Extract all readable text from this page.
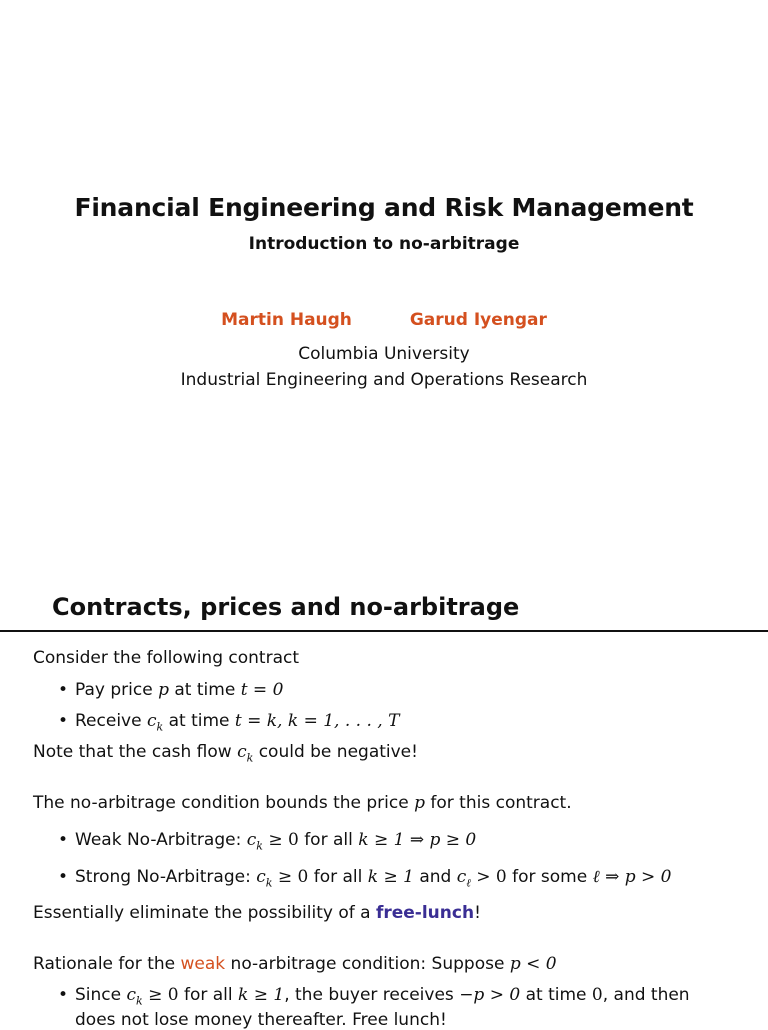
Financial Engineering and Risk Management
Introduction to no-arbitrage
Martin Haugh	Garud Iyengar
Columbia University
Industrial Engineering and Operations Research
Contracts, prices and no-arbitrage
Consider the following contract
• Pay price p at time t = 0
• Receive $c_k$ at time t = k, k = 1, . . . , T
Note that the cash flow $c_k$ could be negative!
The no-arbitrage condition bounds the price p for this contract.
• Weak No-Arbitrage: $c_k \ge 0$ for all k ≥ 1 ⇒ p ≥ 0
• Strong No-Arbitrage: $c_k \ge 0$ for all k ≥ 1 and $c_\ell > 0$ for some ℓ ⇒ p > 0
Essentially eliminate the possibility of a free-lunch!
Rationale for the weak no-arbitrage condition: Suppose p < 0
• Since $c_k \ge 0$ for all k ≥ 1, the buyer receives −p > 0 at time 0, and then
does not lose money thereafter. Free lunch!
